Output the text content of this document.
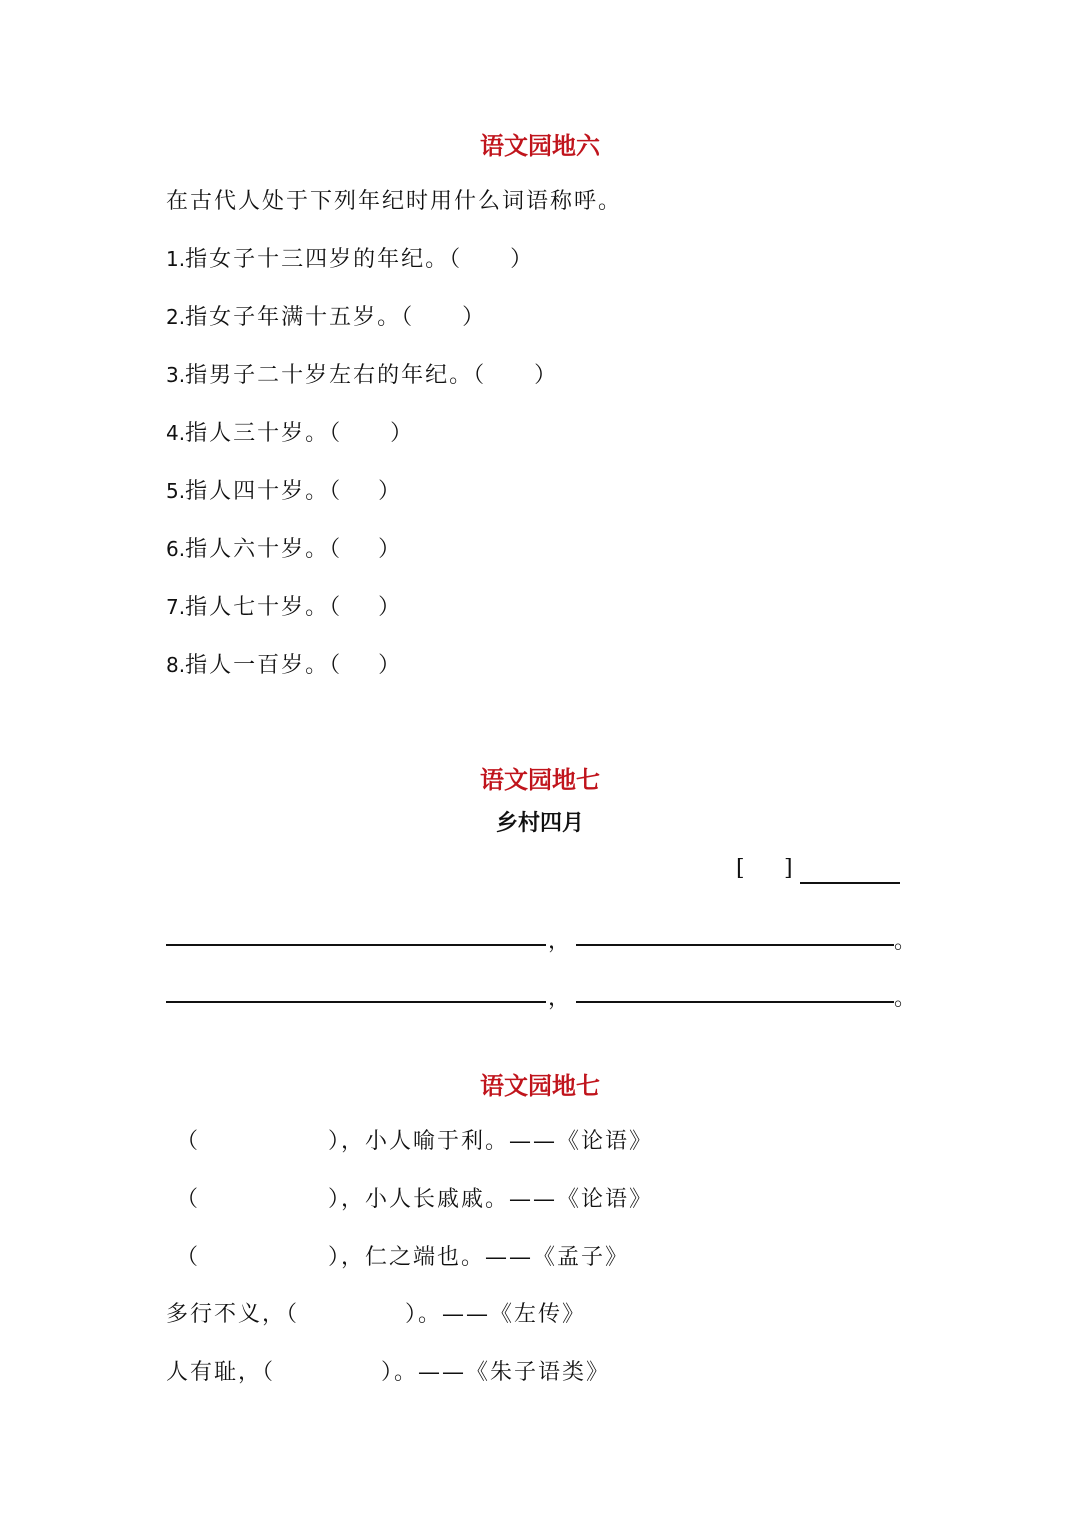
语文园地六
在古代人处于下列年纪时用什么词语称呼。
1.指女子十三四岁的年纪。（ ）
2.指女子年满十五岁。（ ）
3.指男子二十岁左右的年纪。（ ）
4.指人三十岁。（ ）
5.指人四十岁。（ ）
6.指人六十岁。（ ）
7.指人七十岁。（ ）
8.指人一百岁。（ ）
语文园地七
乡村四月
[ ]
，	。
，	。
语文园地七
（	），小人喻于利。——《论语》
（	），小人长戚戚。——《论语》
（	），仁之端也。——《孟子》
多行不义，（	）。——《左传》
人有耻，（	）。——《朱子语类》
